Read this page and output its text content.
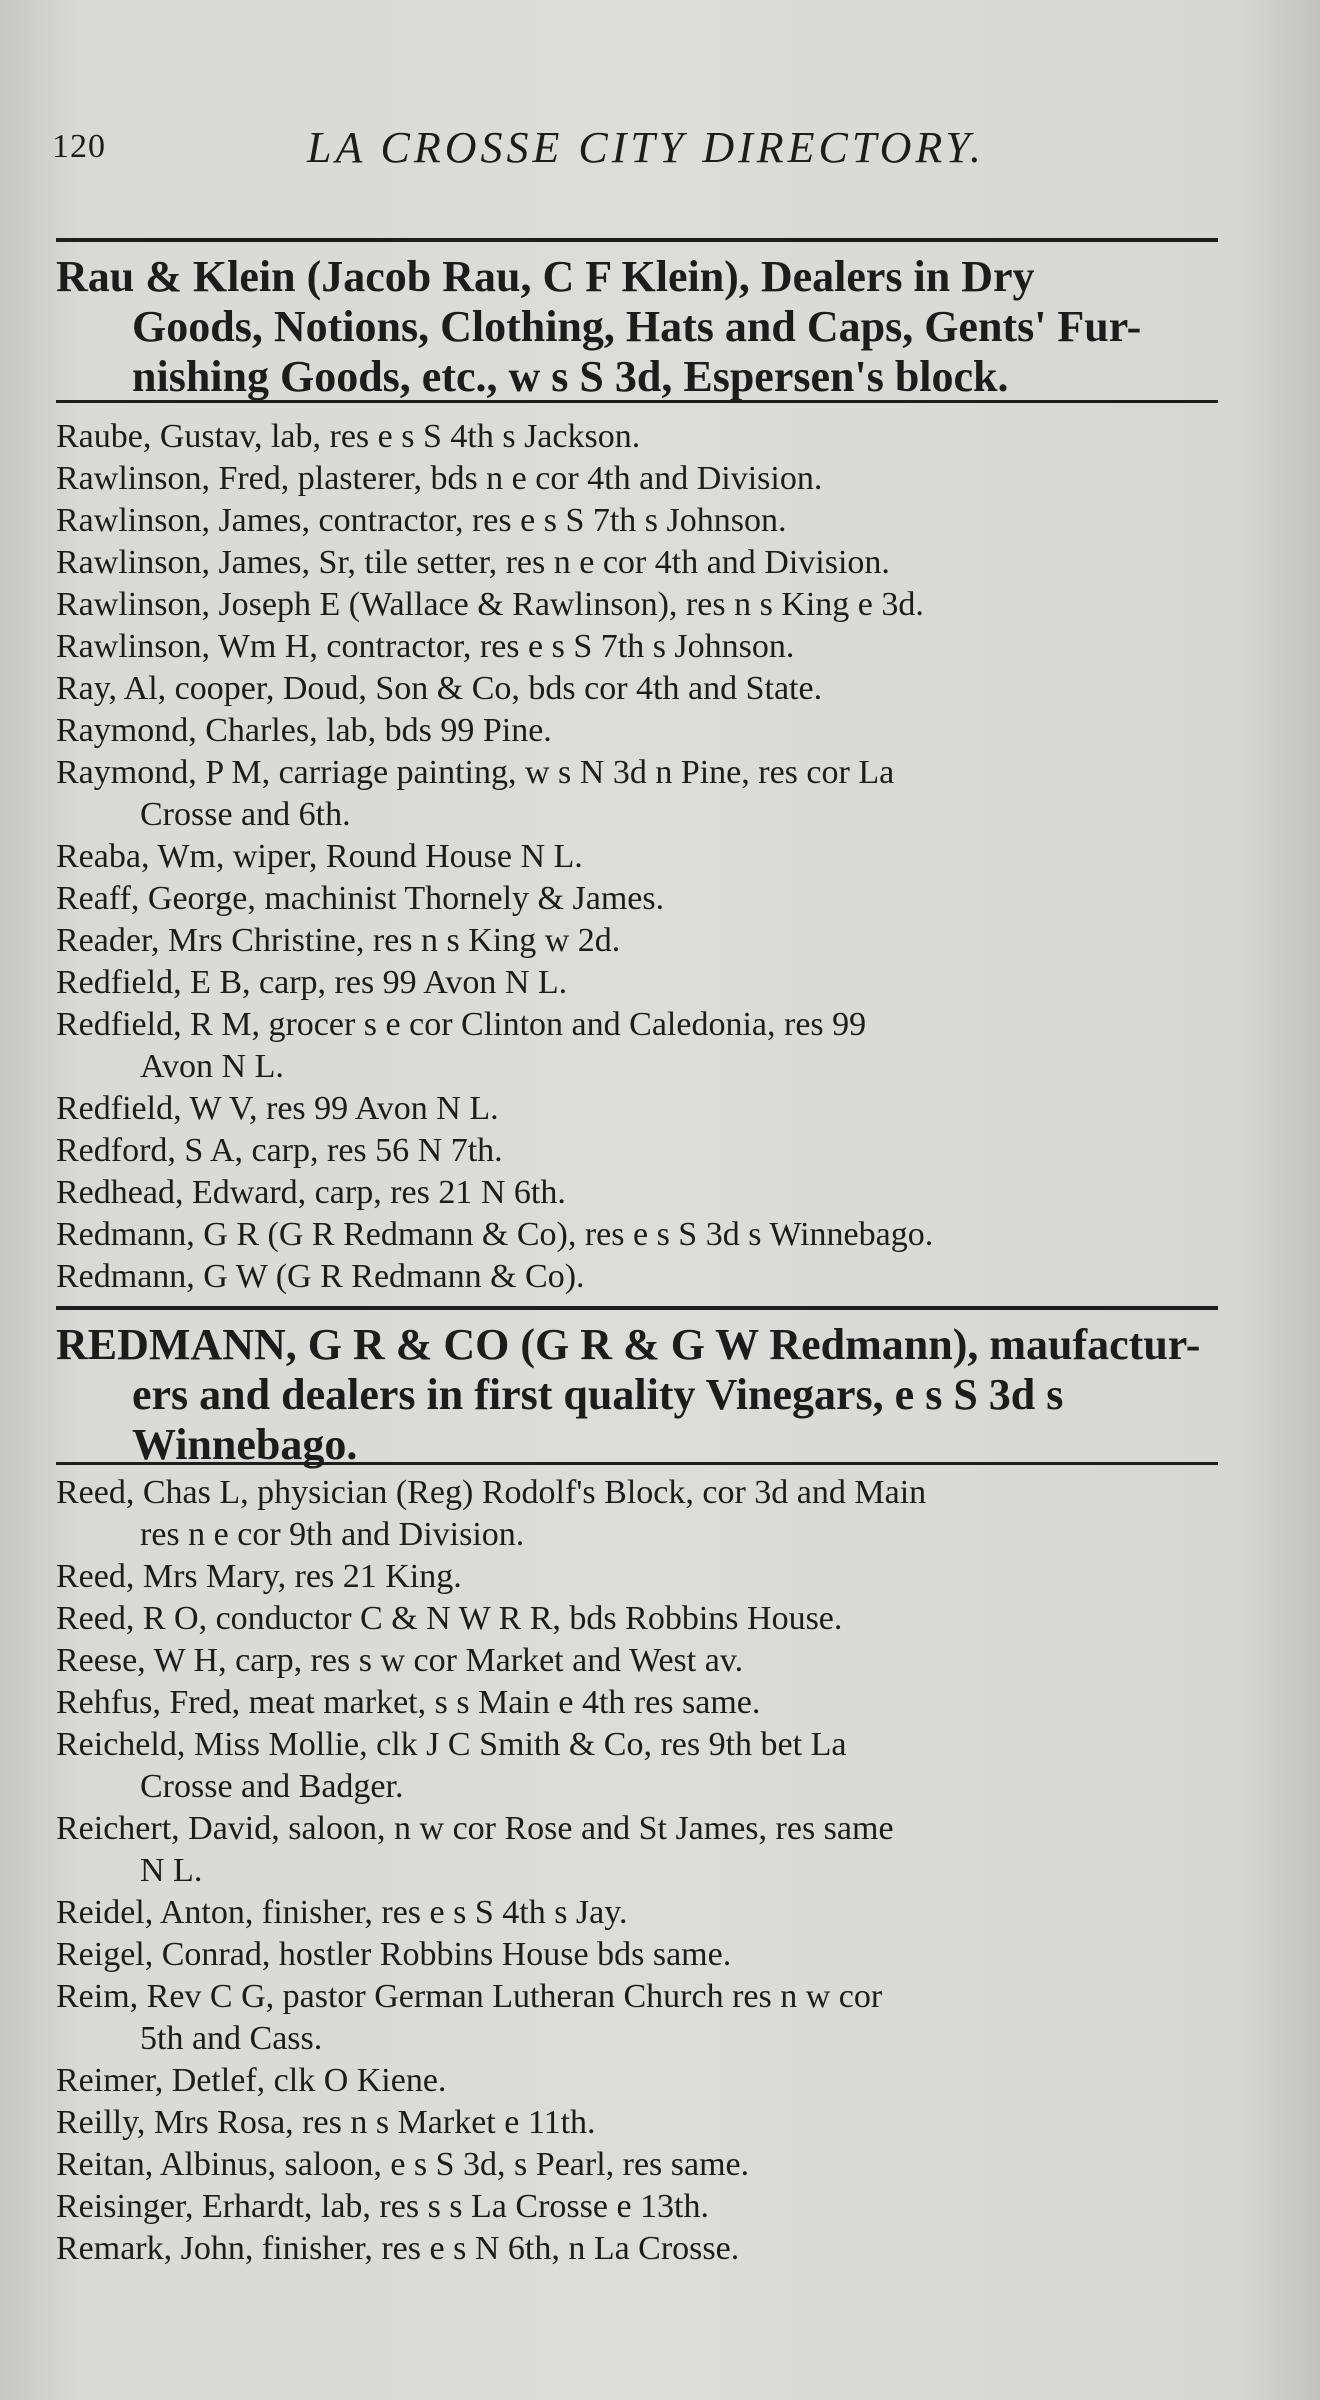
120	LA CROSSE CITY DIRECTORY.
Rau & Klein (Jacob Rau, C F Klein), Dealers in Dry
Goods, Notions, Clothing, Hats and Caps, Gents' Fur-
nishing Goods, etc., w s S 3d, Espersen's block.

Raube, Gustav, lab, res e s S 4th s Jackson.

Rawlinson, Fred, plasterer, bds n e cor 4th and Division.

Rawlinson, James, contractor, res e s S 7th s Johnson.

Rawlinson, James, Sr, tile setter, res n e cor 4th and Division.

Rawlinson, Joseph E (Wallace & Rawlinson), res n s King e 3d.

Rawlinson, Wm H, contractor, res e s S 7th s Johnson.

Ray, Al, cooper, Doud, Son & Co, bds cor 4th and State.

Raymond, Charles, lab, bds 99 Pine.

Raymond, P M, carriage painting, w s N 3d n Pine, res cor La
Crosse and 6th.

Reaba, Wm, wiper, Round House N L.

Reaff, George, machinist Thornely & James.

Reader, Mrs Christine, res n s King w 2d.

Redfield, E B, carp, res 99 Avon N L.

Redfield, R M, grocer s e cor Clinton and Caledonia, res 99
Avon N L.

Redfield, W V, res 99 Avon N L.

Redford, S A, carp, res 56 N 7th.

Redhead, Edward, carp, res 21 N 6th.

Redmann, G R (G R Redmann & Co), res e s S 3d s Winnebago.

Redmann, G W (G R Redmann & Co).

REDMANN, G R & CO (G R & G W Redmann), maufactur-
ers and dealers in first quality Vinegars, e s S 3d s
Winnebago.

Reed, Chas L, physician (Reg) Rodolf's Block, cor 3d and Main
res n e cor 9th and Division.

Reed, Mrs Mary, res 21 King.

Reed, R O, conductor C & N W R R, bds Robbins House.

Reese, W H, carp, res s w cor Market and West av.

Rehfus, Fred, meat market, s s Main e 4th res same.

Reicheld, Miss Mollie, clk J C Smith & Co, res 9th bet La
Crosse and Badger.

Reichert, David, saloon, n w cor Rose and St James, res same
N L.

Reidel, Anton, finisher, res e s S 4th s Jay.

Reigel, Conrad, hostler Robbins House bds same.

Reim, Rev C G, pastor German Lutheran Church res n w cor
5th and Cass.

Reimer, Detlef, clk O Kiene.

Reilly, Mrs Rosa, res n s Market e 11th.

Reitan, Albinus, saloon, e s S 3d, s Pearl, res same.

Reisinger, Erhardt, lab, res s s La Crosse e 13th.

Remark, John, finisher, res e s N 6th, n La Crosse.
